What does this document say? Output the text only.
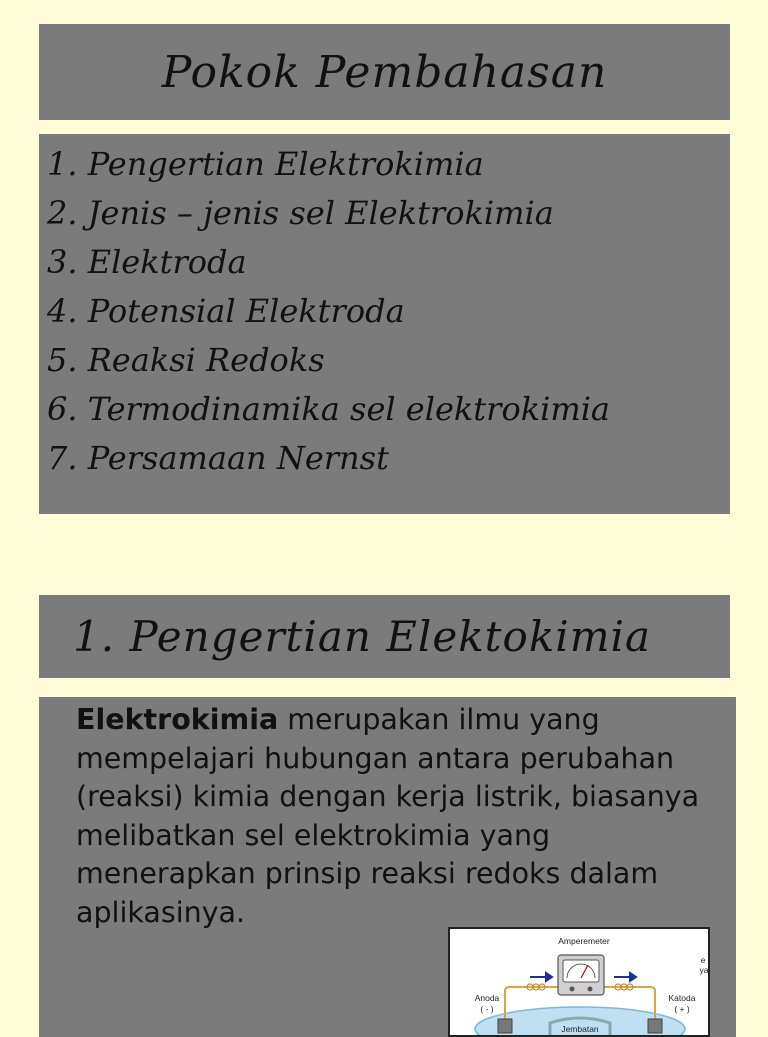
Pokok Pembahasan
1. Pengertian Elektrokimia
2. Jenis – jenis sel Elektrokimia
3. Elektroda
4. Potensial Elektroda
5. Reaksi Redoks
6. Termodinamika sel elektrokimia
7. Persamaan Nernst
1. Pengertian Elektokimia
Elektrokimia merupakan ilmu yang mempelajari hubungan antara perubahan (reaksi) kimia dengan kerja listrik, biasanya melibatkan sel elektrokimia yang menerapkan prinsip reaksi redoks dalam aplikasinya.
Amperemeter
Anoda
( - )
Katoda
( + )
Jembatan
e
ya
